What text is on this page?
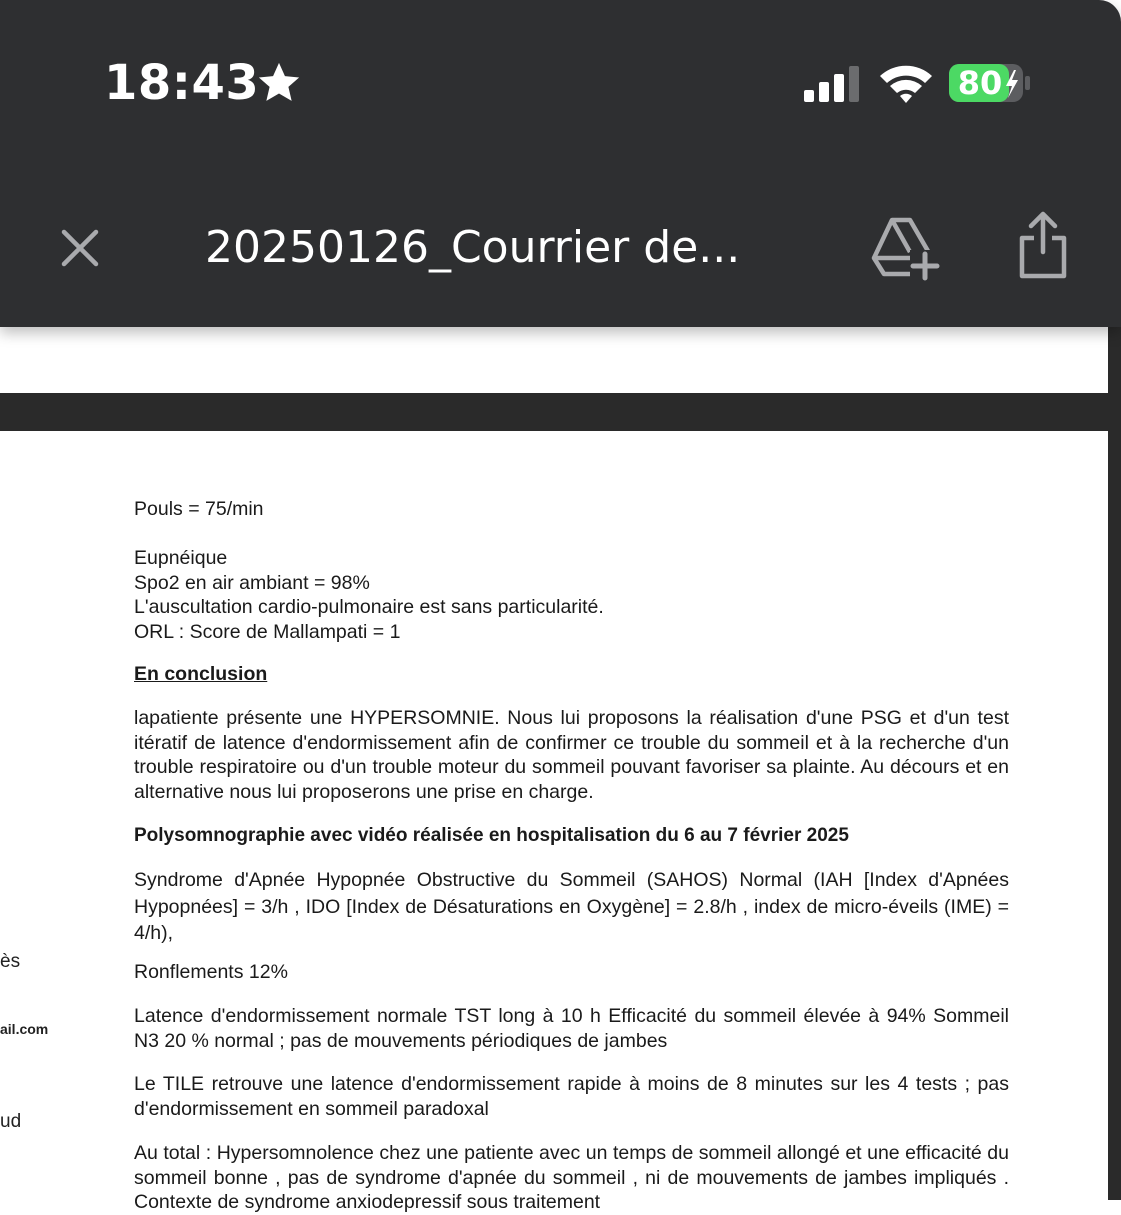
18:43	80
20250126_Courrier de...
ès
ail.com
ud
Pouls = 75/min
Eupnéique
Spo2 en air ambiant = 98%
L'auscultation cardio-pulmonaire est sans particularité.
ORL : Score de Mallampati = 1
En conclusion
lapatiente présente une HYPERSOMNIE. Nous lui proposons la réalisation d'une PSG et d'un test itératif de latence d'endormissement afin de confirmer ce trouble du sommeil et à la recherche d'un trouble respiratoire ou d'un trouble moteur du sommeil pouvant favoriser sa plainte. Au décours et en alternative nous lui proposerons une prise en charge.
Polysomnographie avec vidéo réalisée en hospitalisation du 6 au 7 février 2025
Syndrome d'Apnée Hypopnée Obstructive du Sommeil (SAHOS) Normal (IAH [Index d'Apnées Hypopnées] = 3/h , IDO [Index de Désaturations en Oxygène] = 2.8/h , index de micro-éveils (IME) = 4/h),
Ronflements 12%
Latence d'endormissement normale TST long à 10 h Efficacité du sommeil élevée à 94% Sommeil N3 20 % normal ; pas de mouvements périodiques de jambes
Le TILE retrouve une latence d'endormissement rapide à moins de 8 minutes sur les 4 tests ; pas d'endormissement en sommeil paradoxal
Au total : Hypersomnolence chez une patiente avec un temps de sommeil allongé et une efficacité du sommeil bonne , pas de syndrome d'apnée du sommeil , ni de mouvements de jambes impliqués . Contexte de syndrome anxiodepressif sous traitement
